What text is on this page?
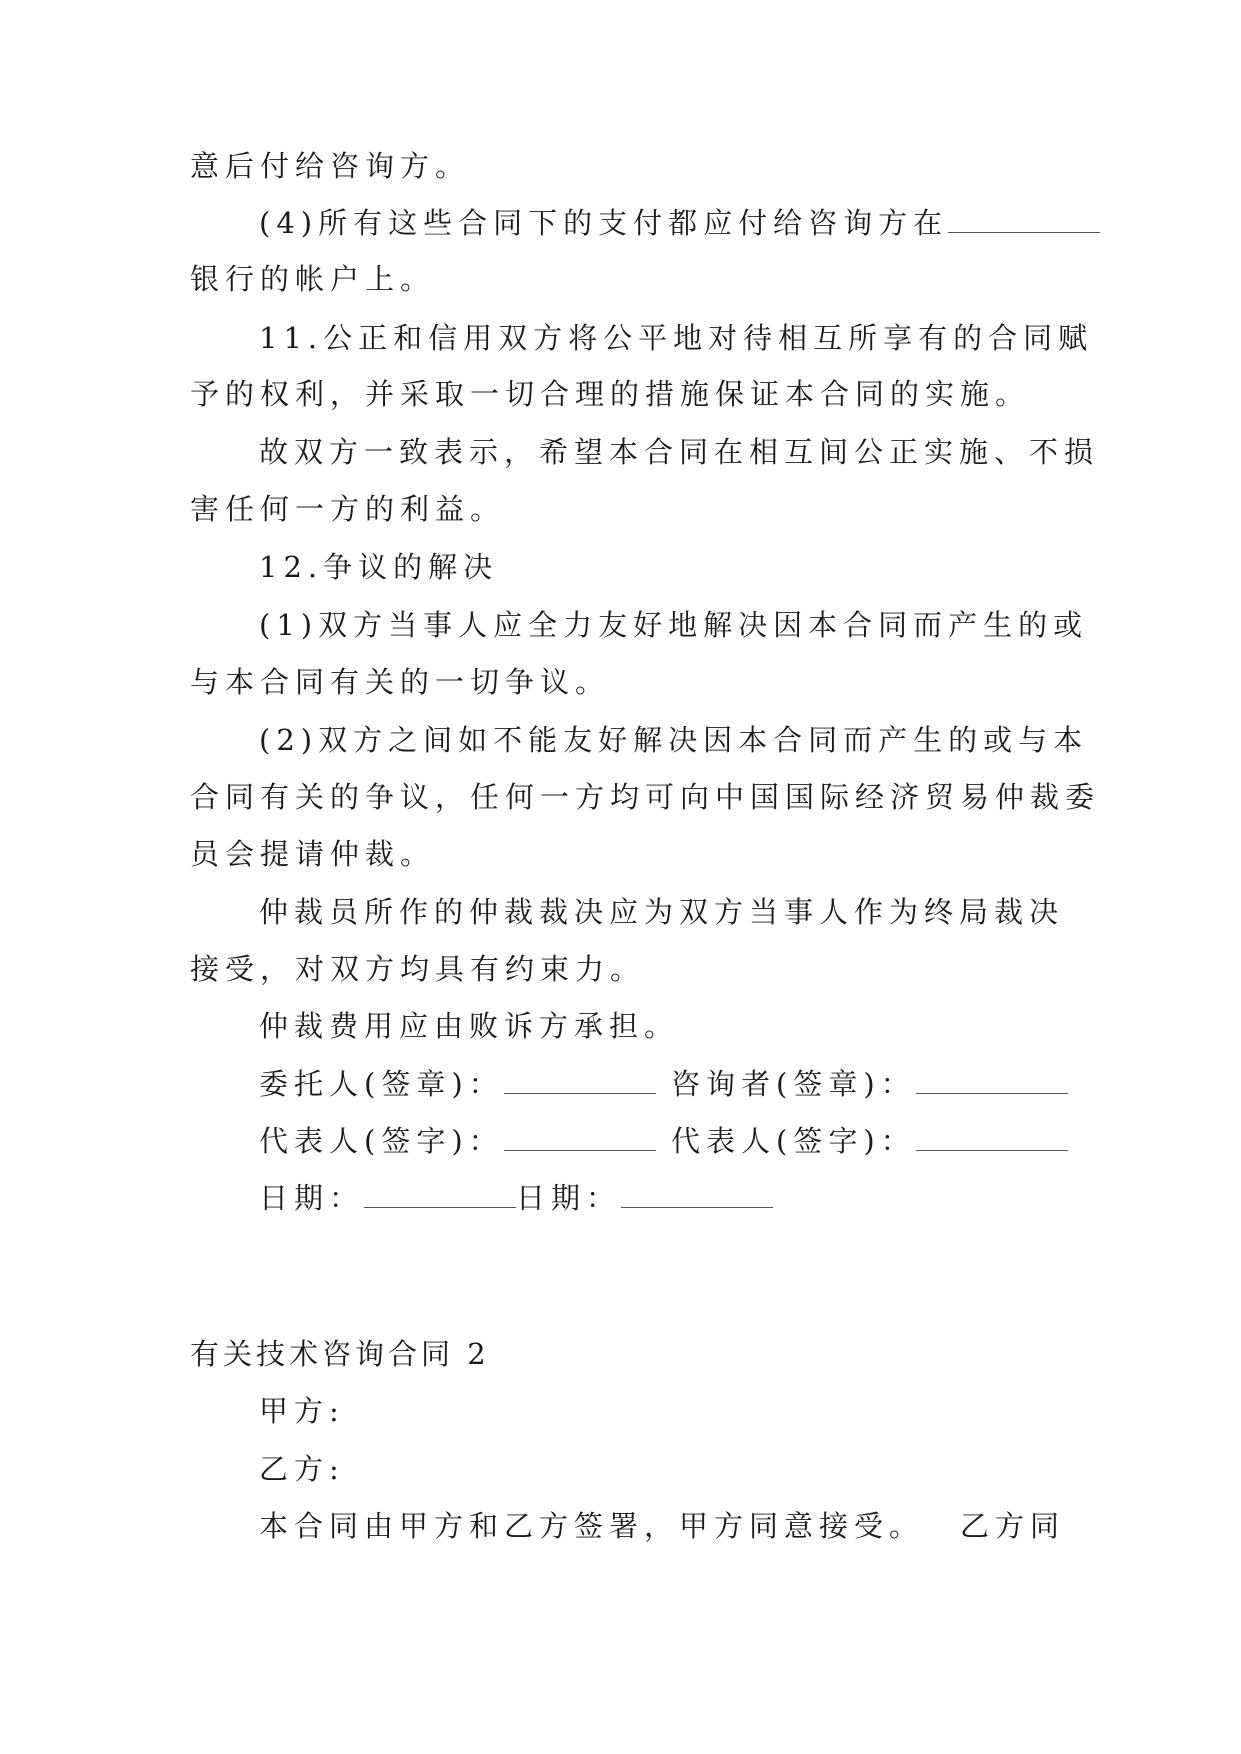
意后付给咨询方。
(4)所有这些合同下的支付都应付给咨询方在
银行的帐户上。
11.公正和信用双方将公平地对待相互所享有的合同赋
予的权利，并采取一切合理的措施保证本合同的实施。
故双方一致表示，希望本合同在相互间公正实施、不损
害任何一方的利益。
12.争议的解决
(1)双方当事人应全力友好地解决因本合同而产生的或
与本合同有关的一切争议。
(2)双方之间如不能友好解决因本合同而产生的或与本
合同有关的争议，任何一方均可向中国国际经济贸易仲裁委
员会提请仲裁。
仲裁员所作的仲裁裁决应为双方当事人作为终局裁决
接受，对双方均具有约束力。
仲裁费用应由败诉方承担。
委托人(签章)：	咨询者(签章)：
代表人(签字)：	代表人(签字)：
日期：	日期：
有关技术咨询合同 2
甲方:
乙方:
本合同由甲方和乙方签署，甲方同意接受。 乙方同
